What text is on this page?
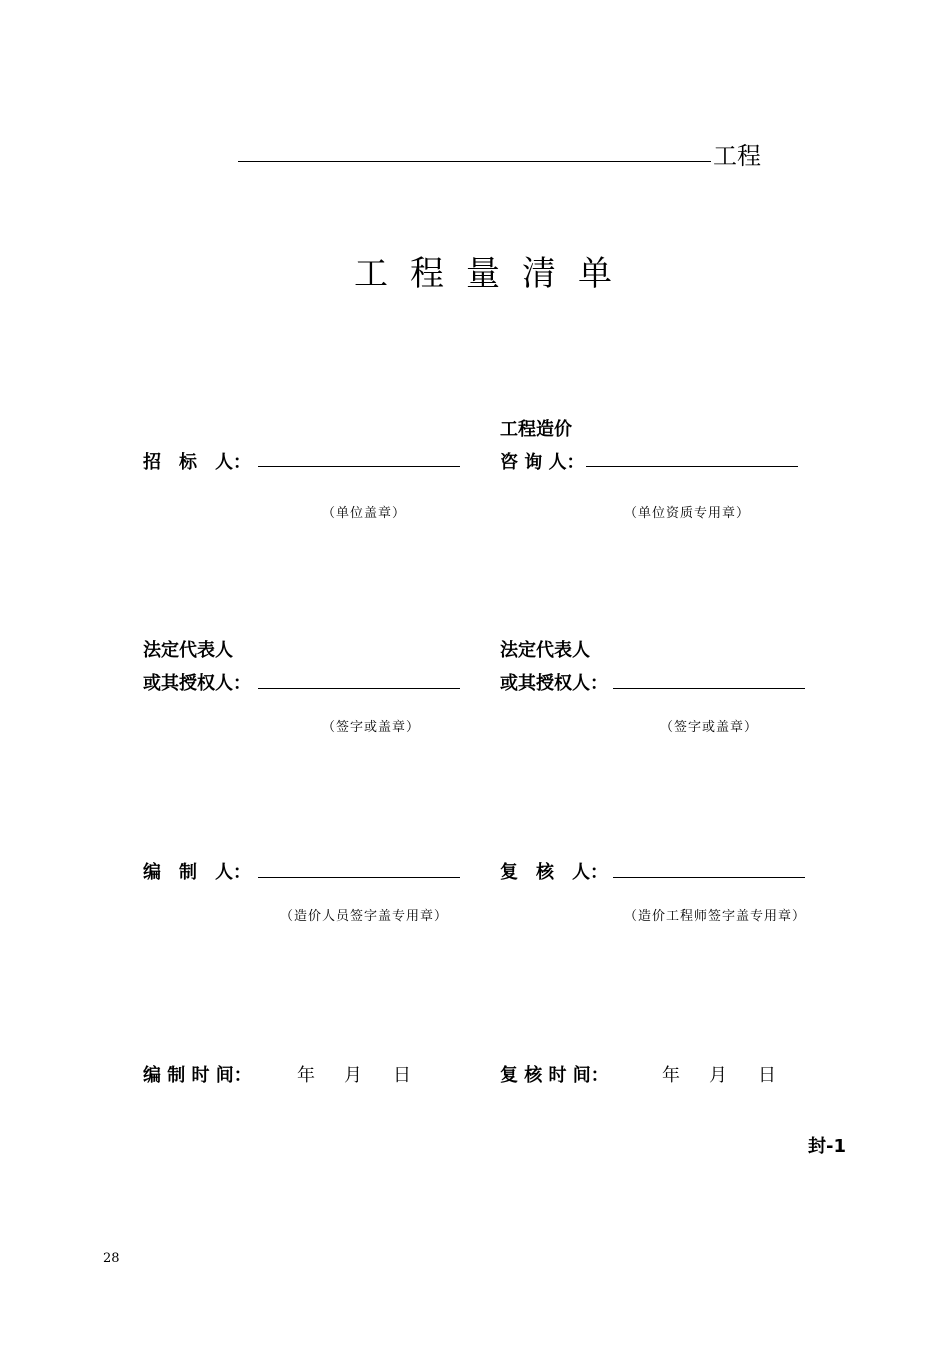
工程
工程量清单
招　标　人：
（单位盖章）
工程造价
咨 询 人：
（单位资质专用章）
法定代表人
或其授权人：
（签字或盖章）
法定代表人
或其授权人：
（签字或盖章）
编　制　人：
（造价人员签字盖专用章）
复　核　人：
（造价工程师签字盖专用章）
编 制 时 间：	年 月 日	复 核 时 间：	年 月 日
封-1
28
